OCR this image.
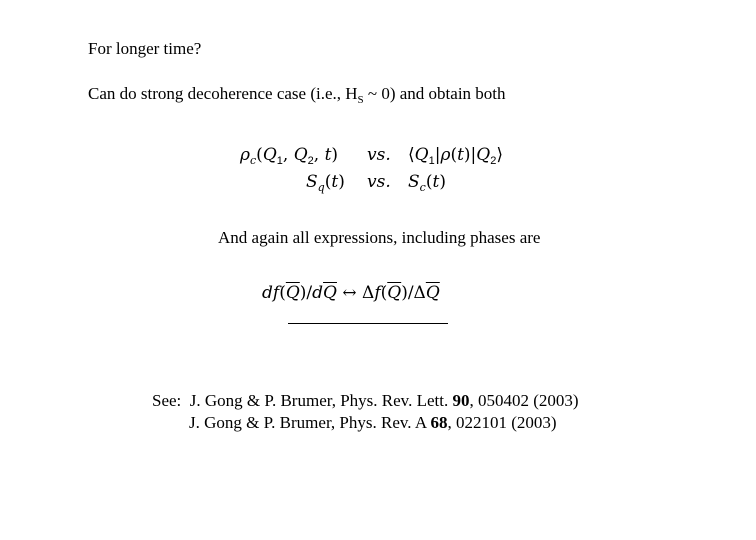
For longer time?
Can do strong decoherence case (i.e., $H_S$ ~ 0) and obtain both
$\rho_c(Q_1$, $Q_2$, t) vs. $⟨Q_1|\rho(t)|Q_2⟩$
$S_q(t)$ vs. $S_c(t)$
And again all expressions, including phases are
$df(\overline{Q})/d\overline{Q}$ ↔ $\Delta f(\overline{Q})/\Delta\overline{Q}$
See: J. Gong & P. Brumer, Phys. Rev. Lett. 90, 050402 (2003)
J. Gong & P. Brumer, Phys. Rev. A 68, 022101 (2003)
